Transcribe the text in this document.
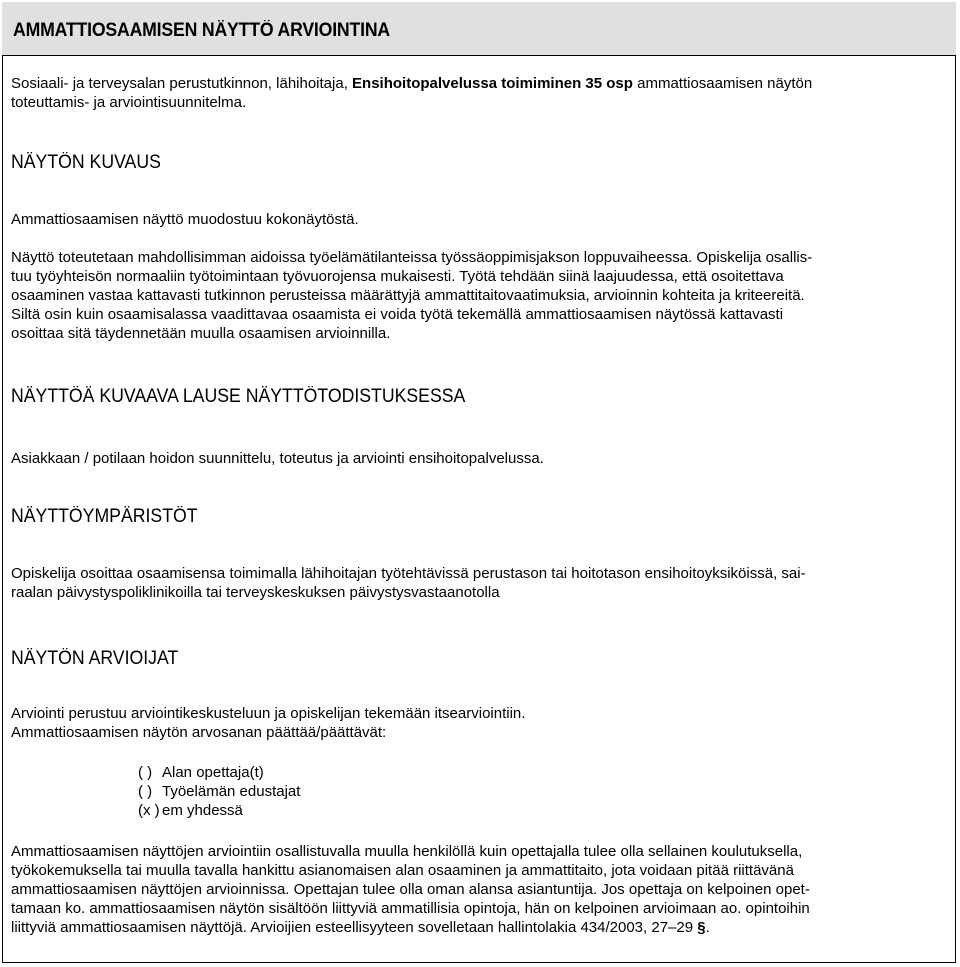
AMMATTIOSAAMISEN NÄYTTÖ ARVIOINTINA
Sosiaali- ja terveysalan perustutkinnon, lähihoitaja, Ensihoitopalvelussa toimiminen 35 osp ammattiosaamisen näytön
toteuttamis- ja arviointisuunnitelma.
NÄYTÖN KUVAUS
Ammattiosaamisen näyttö muodostuu kokonäytöstä.
Näyttö toteutetaan mahdollisimman aidoissa työelämätilanteissa työssäoppimisjakson loppuvaiheessa. Opiskelija osallis-
tuu työyhteisön normaaliin työtoimintaan työvuorojensa mukaisesti. Työtä tehdään siinä laajuudessa, että osoitettava
osaaminen vastaa kattavasti tutkinnon perusteissa määrättyjä ammattitaitovaatimuksia, arvioinnin kohteita ja kriteereitä.
Siltä osin kuin osaamisalassa vaadittavaa osaamista ei voida työtä tekemällä ammattiosaamisen näytössä kattavasti
osoittaa sitä täydennetään muulla osaamisen arvioinnilla.
NÄYTTÖÄ KUVAAVA LAUSE NÄYTTÖTODISTUKSESSA
Asiakkaan / potilaan hoidon suunnittelu, toteutus ja arviointi ensihoitopalvelussa.
NÄYTTÖYMPÄRISTÖT
Opiskelija osoittaa osaamisensa toimimalla lähihoitajan työtehtävissä perustason tai hoitotason ensihoitoyksiköissä, sai-
raalan päivystyspoliklinikoilla tai terveyskeskuksen päivystysvastaanotolla
NÄYTÖN ARVIOIJAT
Arviointi perustuu arviointikeskusteluun ja opiskelijan tekemään itsearviointiin.
Ammattiosaamisen näytön arvosanan päättää/päättävät:
( ) Alan opettaja(t)
( ) Työelämän edustajat
(x ) em yhdessä
Ammattiosaamisen näyttöjen arviointiin osallistuvalla muulla henkilöllä kuin opettajalla tulee olla sellainen koulutuksella,
työkokemuksella tai muulla tavalla hankittu asianomaisen alan osaaminen ja ammattitaito, jota voidaan pitää riittävänä
ammattiosaamisen näyttöjen arvioinnissa. Opettajan tulee olla oman alansa asiantuntija. Jos opettaja on kelpoinen opet-
tamaan ko. ammattiosaamisen näytön sisältöön liittyviä ammatillisia opintoja, hän on kelpoinen arvioimaan ao. opintoihin
liittyviä ammattiosaamisen näyttöjä. Arvioijien esteellisyyteen sovelletaan hallintolakia 434/2003, 27–29 §.
